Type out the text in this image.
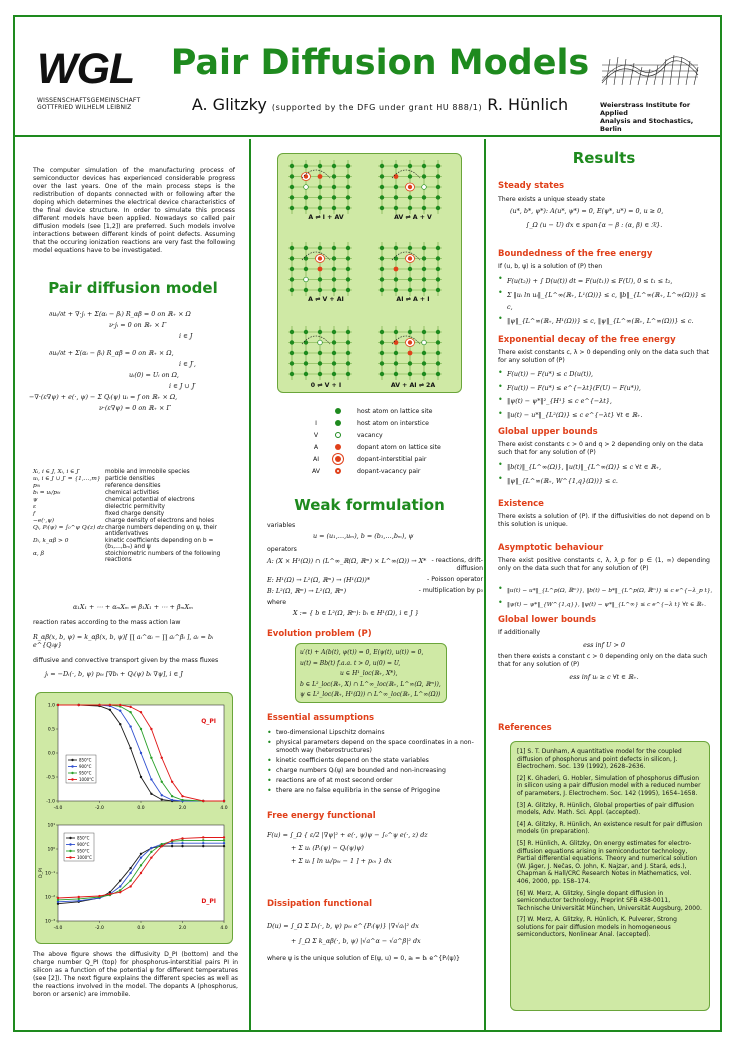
WGL
WISSENSCHAFTSGEMEINSCHAFT
GOTTFRIED WILHELM LEIBNIZ
Pair Diffusion Models
A. Glitzky (supported by the DFG under grant HU 888/1) R. Hünlich	Weierstrass Institute for Applied
Analysis and Stochastics, Berlin
The computer simulation of the manufacturing process of semiconductor devices has experienced considerable progress over the last years. One of the main process steps is the redistribution of dopants connected with or following after the doping which determines the electrical device characteristics of the final device structure. In order to simulate this process different models have been applied. Nowadays so called pair diffusion models (see [1,2]) are preferred. Such models involve interactions between different kinds of point defects. Assuming that the occuring ionization reactions are very fast the following model equations have to be investigated.
Pair diffusion model
∂uᵢ/∂t + ∇·jᵢ + Σ(αᵢ − βᵢ) R_αβ = 0 on ℝ₊ × Ω
ν·jᵢ = 0 on ℝ₊ × Γ
i ∈ J
∂uᵢ/∂t + Σ(αᵢ − βᵢ) R_αβ = 0 on ℝ₊ × Ω,
i ∈ J′,
uᵢ(0) = Uᵢ on Ω,
i ∈ J ∪ J′
−∇·(ε∇ψ) + e(·, ψ) − Σ Qᵢ(ψ) uᵢ = f on ℝ₊ × Ω,
ν·(ε∇ψ) = 0 on ℝ₊ × Γ
Xᵢ, i ∈ J, Xᵢ, i ∈ J′	mobile and immobile species
uᵢ, i ∈ J ∪ J′ = {1,…,m} particle densities
p₀ᵢ	reference densities
bᵢ = uᵢ/p₀ᵢ	chemical activities
ψ	chemical potential of electrons
ε	dielectric permitivity
f	fixed charge density
−e(·,ψ)	charge density of electrons and holes
Qᵢ, Pᵢ(ψ) = ∫₀^ψ Qᵢ(z) dz charge numbers depending on ψ, their antiderivatives
Dᵢ, k_αβ > 0	kinetic coefficients depending on b = (b₁,…,bₘ) and ψ
α, β	stoichiometric numbers of the following reactions
α₁X₁ + ⋯ + αₘXₘ ⇌ β₁X₁ + ⋯ + βₘXₘ
reaction rates according to the mass action law
R_αβ(x, b, ψ) = k_αβ(x, b, ψ)[ ∏ aᵢ^αᵢ − ∏ aᵢ^βᵢ ], aᵢ = bᵢ e^{Qᵢψ}
diffusive and convective transport given by the mass fluxes
jᵢ = −Dᵢ(·, b, ψ) p₀ᵢ [∇bᵢ + Qᵢ(ψ) bᵢ ∇ψ], i ∈ J
1.0
0.5
0.0
-0.5
-1.0
-4.0	-2.0	0.0	2.0	4.0
Q_PI
850°C
900°C
950°C
1000°C
10¹
10⁰
10⁻¹
10⁻²
10⁻³
-4.0	-2.0	0.0	2.0	4.0
D_PI
850°C
900°C
950°C
1000°C
D_PI
The above figure shows the diffusivity D_PI (bottom) and the charge number Q_PI (top) for phosphorus-interstitial pairs PI in silicon as a function of the potential ψ for different temperatures (see [2]). The next figure explains the different species as well as the reactions involved in the model. The dopants A (phosphorus, boron or arsenic) are immobile.
A ⇌ I + AV	AV ⇌ A + V
A ⇌ V + AI	AI ⇌ A + I
0 ⇌ V + I	AV + AI ⇌ 2A
host atom on lattice site
I	host atom on interstice
V	vacancy
A	dopant atom on lattice site
AI	dopant-interstitial pair
AV	dopant-vacancy pair
Weak formulation
variables
u = (u₁,…,uₘ), b = (b₁,…,bₘ), ψ
operators
A: (X × H¹(Ω)) ∩ (L^∞_ℝ(Ω, ℝᵐ) × L^∞(Ω)) → X* - reactions, drift-diffusion
E: H¹(Ω) → L²(Ω, ℝᵐ) → (H¹(Ω))*	- Poisson operator
B: L²(Ω, ℝᵐ) → L²(Ω, ℝᵐ)	- multiplication by p₀
where
X := { b ∈ L²(Ω, ℝᵐ): bᵢ ∈ H¹(Ω), i ∈ J }
Evolution problem (P)
u′(t) + A(b(t), ψ(t)) = 0, E(ψ(t), u(t)) = 0,
u(t) = Bb(t) f.a.a. t > 0, u(0) = U,
u ∈ H¹_loc(ℝ₊, X*),
b ∈ L²_loc(ℝ₊, X) ∩ L^∞_loc(ℝ₊, L^∞(Ω, ℝᵐ)),
ψ ∈ L²_loc(ℝ₊, H¹(Ω)) ∩ L^∞_loc(ℝ₊, L^∞(Ω))
Essential assumptions
• two-dimensional Lipschitz domains
• physical parameters depend on the space coordinates in a non-smooth way (heterostructures)
• kinetic coefficients depend on the state variables
• charge numbers Qᵢ(ψ) are bounded and non-increasing
• reactions are of at most second order
• there are no false equilibria in the sense of Prigogine
Free energy functional
F(u) = ∫_Ω { ε/2 |∇ψ|² + e(·, ψ)ψ − ∫₀^ψ e(·, z) dz
+ Σ uᵢ (Pᵢ(ψ) − Qᵢ(ψ)ψ)
+ Σ uᵢ [ ln uᵢ/p₀ᵢ − 1 ] + p₀ᵢ } dx
Dissipation functional
D(u) = ∫_Ω Σ Dᵢ(·, b, ψ) p₀ᵢ e^{Pᵢ(ψ)} |∇√aᵢ|² dx
+ ∫_Ω Σ k_αβ(·, b, ψ) |√a^α − √a^β|² dx
where ψ is the unique solution of E(ψ, u) = 0, aᵢ = bᵢ e^{Pᵢ(ψ)}
Results
Steady states
There exists a unique steady state
(u*, b*, ψ*): A(u*, ψ*) = 0, E(ψ*, u*) = 0, u ≥ 0,
∫_Ω (u − U) dx ∈ span{α − β : (α, β) ∈ ℛ}.
Boundedness of the free energy
If (u, b, ψ) is a solution of (P) then
• F(u(t₂)) + ∫ D(u(t)) dt = F(u(t₁)) ≤ F(U), 0 ≤ t₁ ≤ t₂,
• Σ ‖uᵢ ln uᵢ‖_{L^∞(ℝ₊, L¹(Ω))} ≤ c, ‖b‖_{L^∞(ℝ₊, L^∞(Ω))} ≤ c,
• ‖ψ‖_{L^∞(ℝ₊, H¹(Ω))} ≤ c, ‖ψ‖_{L^∞(ℝ₊, L^∞(Ω))} ≤ c.
Exponential decay of the free energy
There exist constants c, λ > 0 depending only on the data such that for any solution of (P)
• F(u(t)) − F(u*) ≤ c D(u(t)),
• F(u(t)) − F(u*) ≤ e^{−λt}(F(U) − F(u*)),
• ‖ψ(t) − ψ*‖²_{H¹} ≤ c e^{−λt},
• ‖u(t) − u*‖_{L²(Ω)} ≤ c e^{−λt} ∀t ∈ ℝ₊.
Global upper bounds
There exist constants c > 0 and q > 2 depending only on the data such that for any solution of (P)
• ‖b(t)‖_{L^∞(Ω)}, ‖u(t)‖_{L^∞(Ω)} ≤ c ∀t ∈ ℝ₊,
• ‖ψ‖_{L^∞(ℝ₊, W^{1,q}(Ω))} ≤ c.
Existence
There exists a solution of (P). If the diffusivities do not depend on b this solution is unique.
Asymptotic behaviour
There exist positive constants c, λ, λ_p for p ∈ (1, ∞) depending only on the data such that for any solution of (P)
• ‖u(t) − u*‖_{L^p(Ω, ℝᵐ)}, ‖b(t) − b*‖_{L^p(Ω, ℝᵐ)} ≤ c e^{−λ_p t},
• ‖ψ(t) − ψ*‖_{W^{1,q}}, ‖ψ(t) − ψ*‖_{L^∞} ≤ c e^{−λ t} ∀t ∈ ℝ₊.
Global lower bounds
If additionally
ess inf U > 0
then there exists a constant c > 0 depending only on the data such that for any solution of (P)
ess inf uᵢ ≥ c ∀t ∈ ℝ₊.
References
[1] S. T. Dunham, A quantitative model for the coupled diffusion of phosphorus and point defects in silicon, J. Electrochem. Soc. 139 (1992), 2628–2636.
[2] K. Ghaderi, G. Hobler, Simulation of phosphorus diffusion in silicon using a pair diffusion model with a reduced number of parameters, J. Electrochem. Soc. 142 (1995), 1654–1658.
[3] A. Glitzky, R. Hünlich, Global properties of pair diffusion models, Adv. Math. Sci. Appl. (accepted).
[4] A. Glitzky, R. Hünlich, An existence result for pair diffusion models (in preparation).
[5] R. Hünlich, A. Glitzky, On energy estimates for electro-diffusion equations arising in semiconductor technology, Partial differential equations. Theory and numerical solution (W. Jäger, J. Nečas, O. John, K. Najzar, and J. Stará, eds.), Chapman & Hall/CRC Research Notes in Mathematics, vol. 406, 2000, pp. 158–174.
[6] W. Merz, A. Glitzky, Single dopant diffusion in semiconductor technology, Preprint SFB 438-0011, Technische Universität München, Universität Augsburg, 2000.
[7] W. Merz, A. Glitzky, R. Hünlich, K. Pulverer, Strong solutions for pair diffusion models in homogeneous semiconductors, Nonlinear Anal. (accepted).
